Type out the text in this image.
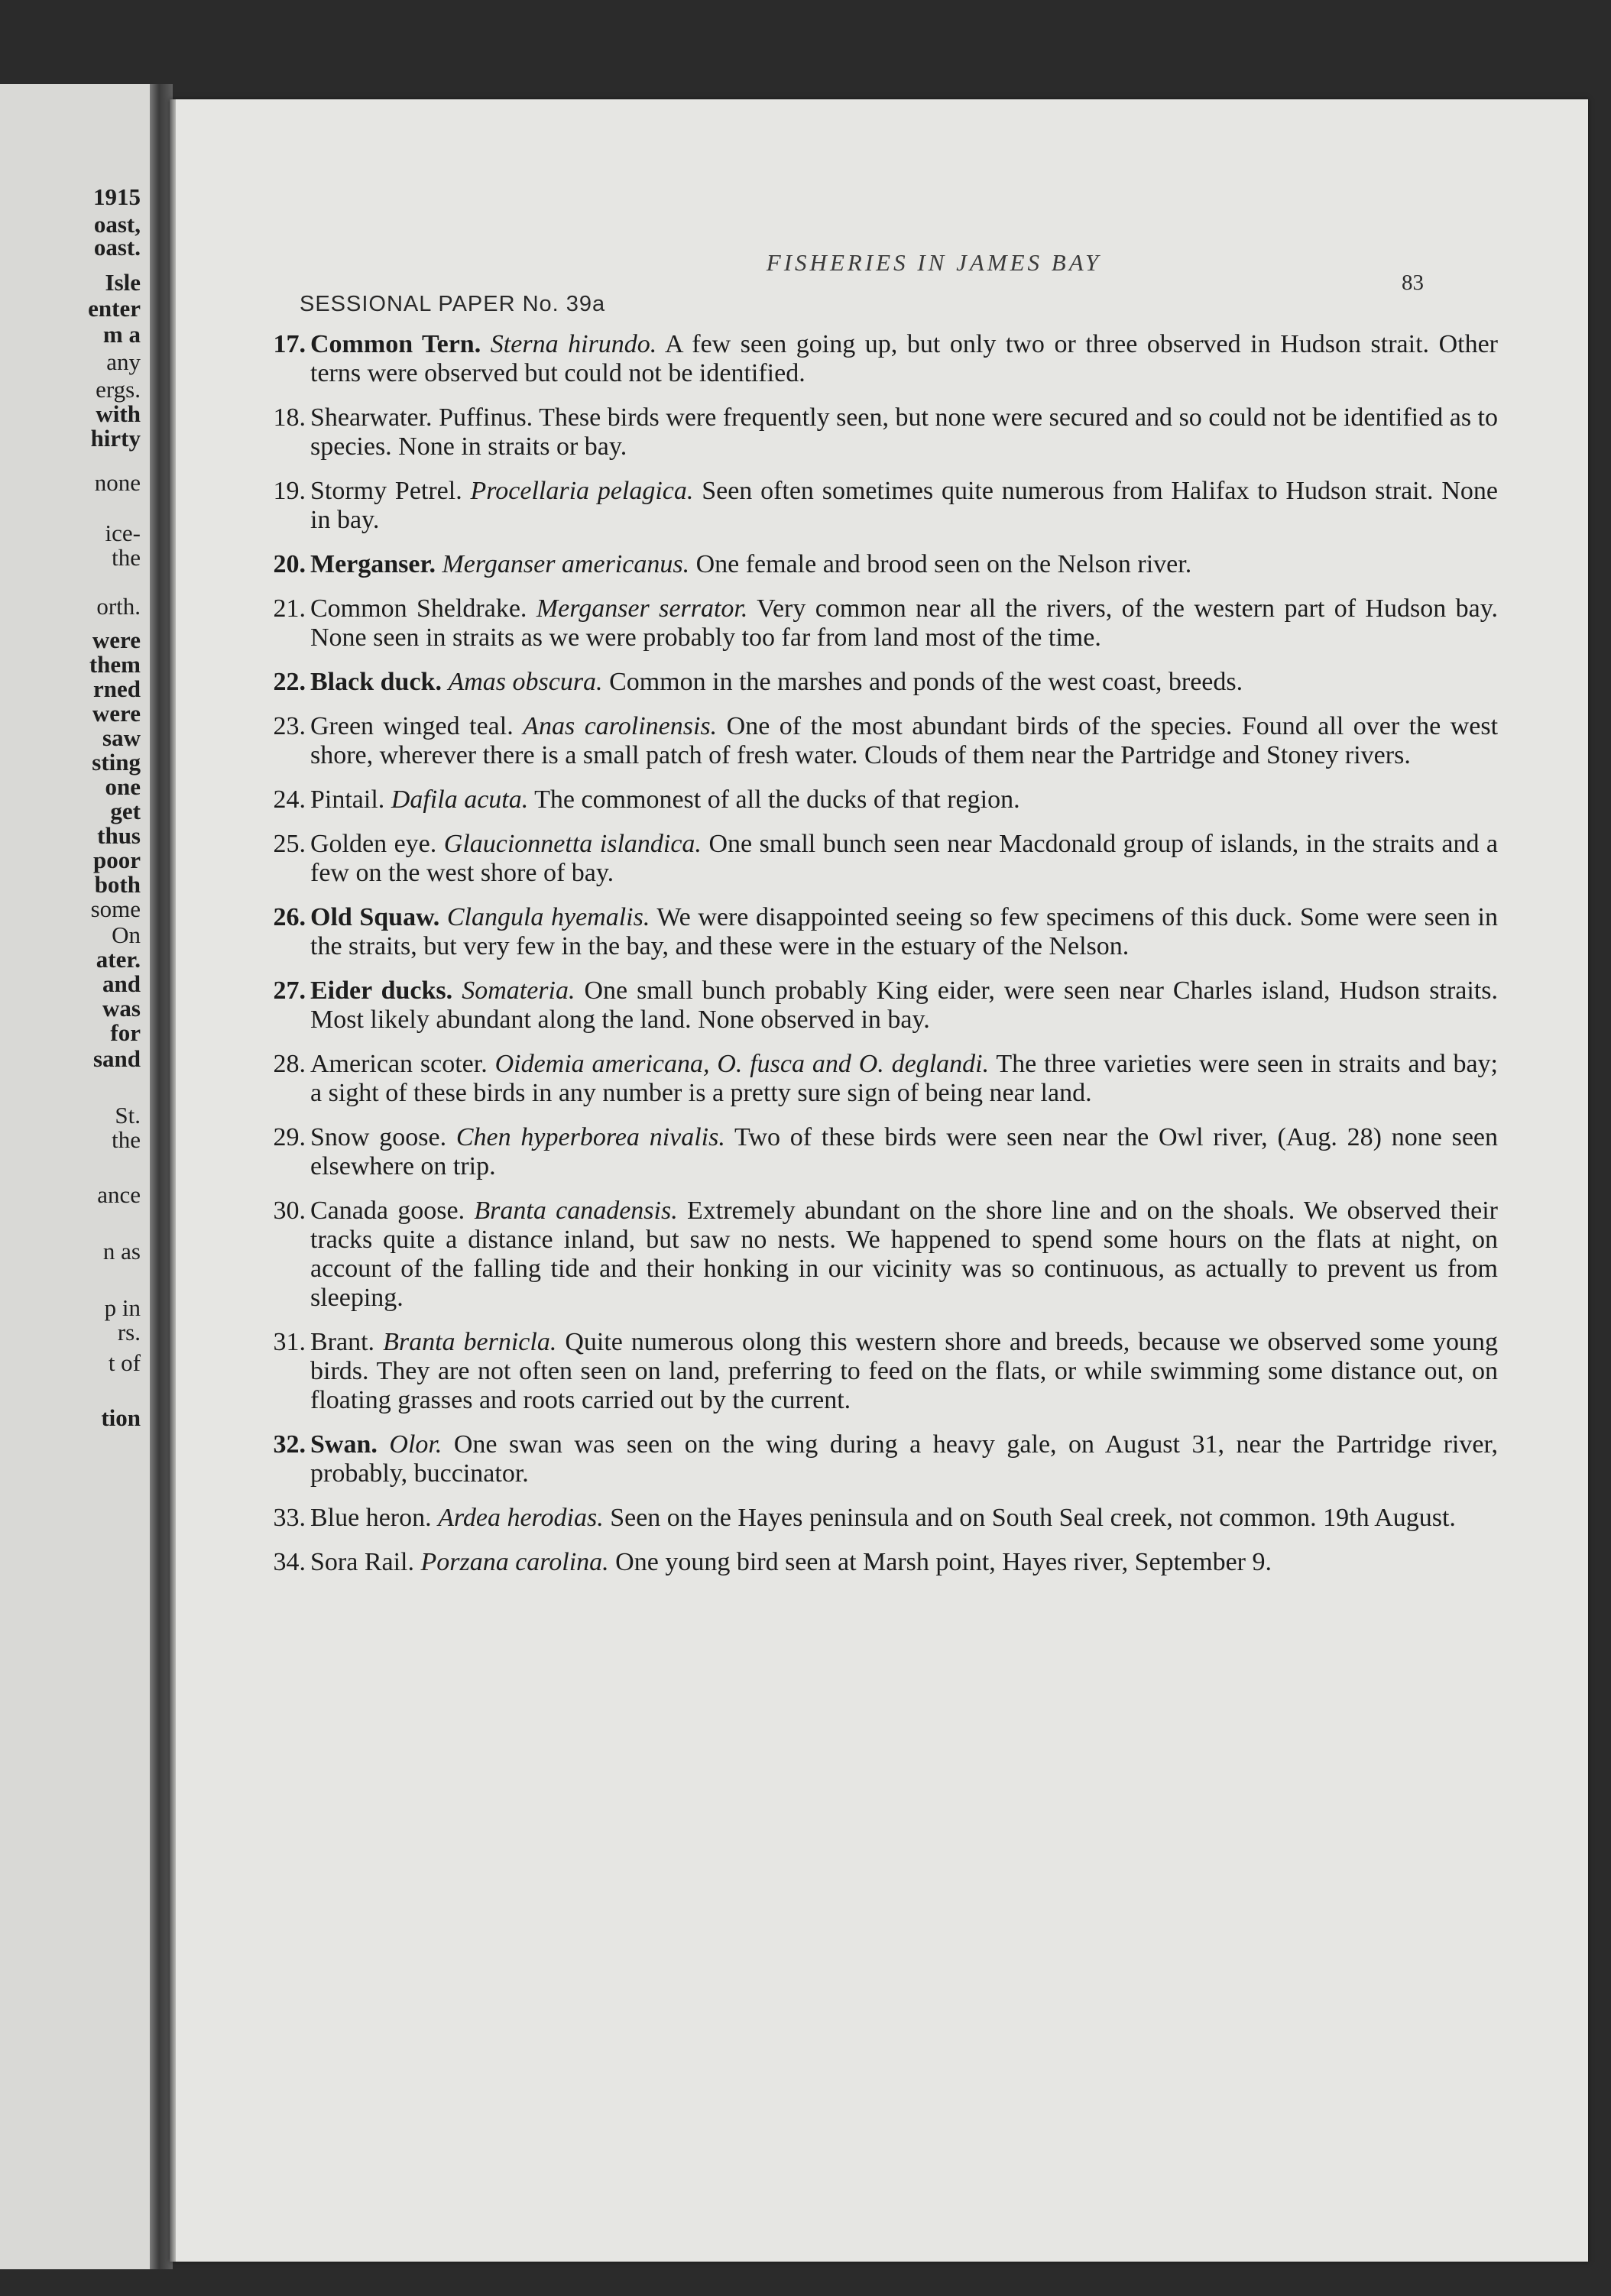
1915
oast,
oast.
Isle
enter
m a
any
ergs.
with
hirty
none
ice-
the
orth.
were
them
rned
were
saw
sting
one
get
thus
poor
both
some
On
ater.
and
was
for
sand
St.
the
ance
n as
p in
rs.
t of
tion
FISHERIES IN JAMES BAY
83
SESSIONAL PAPER No. 39a
17. Common Tern. Sterna hirundo. A few seen going up, but only two or three observed in Hudson strait. Other terns were observed but could not be identified.
18. Shearwater. Puffinus. These birds were frequently seen, but none were secured and so could not be identified as to species. None in straits or bay.
19. Stormy Petrel. Procellaria pelagica. Seen often sometimes quite numerous from Halifax to Hudson strait. None in bay.
20. Merganser. Merganser americanus. One female and brood seen on the Nelson river.
21. Common Sheldrake. Merganser serrator. Very common near all the rivers, of the western part of Hudson bay. None seen in straits as we were probably too far from land most of the time.
22. Black duck. Amas obscura. Common in the marshes and ponds of the west coast, breeds.
23. Green winged teal. Anas carolinensis. One of the most abundant birds of the species. Found all over the west shore, wherever there is a small patch of fresh water. Clouds of them near the Partridge and Stoney rivers.
24. Pintail. Dafila acuta. The commonest of all the ducks of that region.
25. Golden eye. Glaucionnetta islandica. One small bunch seen near Macdonald group of islands, in the straits and a few on the west shore of bay.
26. Old Squaw. Clangula hyemalis. We were disappointed seeing so few specimens of this duck. Some were seen in the straits, but very few in the bay, and these were in the estuary of the Nelson.
27. Eider ducks. Somateria. One small bunch probably King eider, were seen near Charles island, Hudson straits. Most likely abundant along the land. None observed in bay.
28. American scoter. Oidemia americana, O. fusca and O. deglandi. The three varieties were seen in straits and bay; a sight of these birds in any number is a pretty sure sign of being near land.
29. Snow goose. Chen hyperborea nivalis. Two of these birds were seen near the Owl river, (Aug. 28) none seen elsewhere on trip.
30. Canada goose. Branta canadensis. Extremely abundant on the shore line and on the shoals. We observed their tracks quite a distance inland, but saw no nests. We happened to spend some hours on the flats at night, on account of the falling tide and their honking in our vicinity was so continuous, as actually to prevent us from sleeping.
31. Brant. Branta bernicla. Quite numerous olong this western shore and breeds, because we observed some young birds. They are not often seen on land, preferring to feed on the flats, or while swimming some distance out, on floating grasses and roots carried out by the current.
32. Swan. Olor. One swan was seen on the wing during a heavy gale, on August 31, near the Partridge river, probably, buccinator.
33. Blue heron. Ardea herodias. Seen on the Hayes peninsula and on South Seal creek, not common. 19th August.
34. Sora Rail. Porzana carolina. One young bird seen at Marsh point, Hayes river, September 9.
